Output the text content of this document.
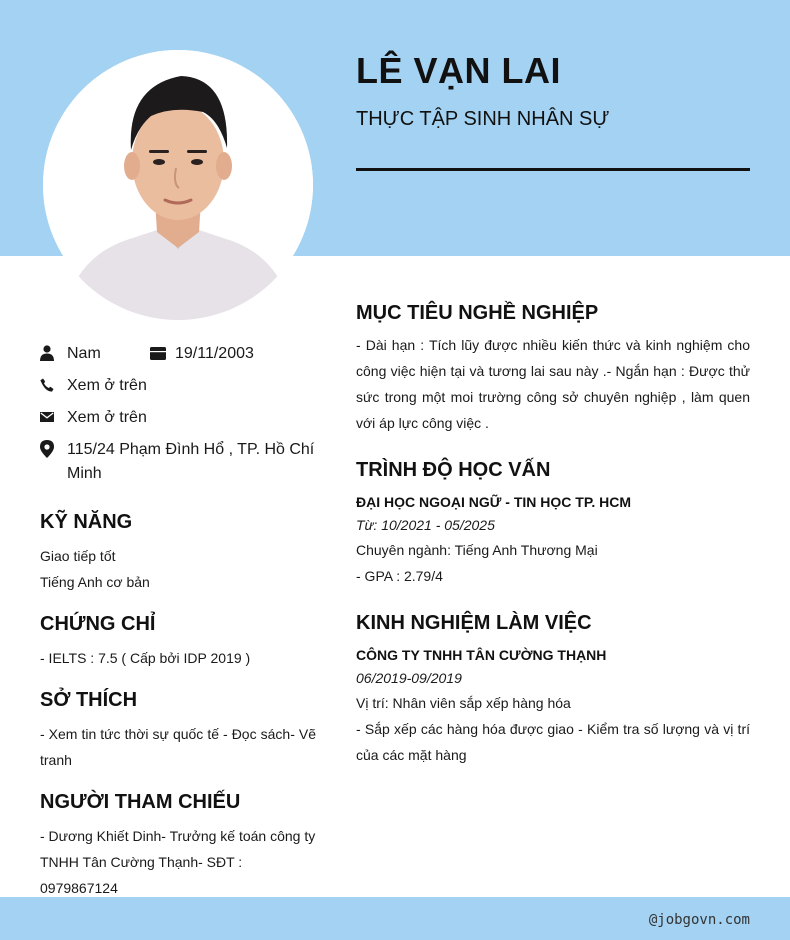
LÊ VẠN LAI
THỰC TẬP SINH NHÂN SỰ
Nam	19/11/2003
Xem ở trên
Xem ở trên
115/24 Phạm Đình Hổ , TP. Hồ Chí Minh
KỸ NĂNG
Giao tiếp tốt
Tiếng Anh cơ bản
CHỨNG CHỈ
- IELTS : 7.5 ( Cấp bởi IDP 2019 )
SỞ THÍCH
- Xem tin tức thời sự quốc tế - Đọc sách- Vẽ tranh
NGƯỜI THAM CHIẾU
- Dương Khiết Dinh- Trưởng kế toán công ty TNHH Tân Cường Thạnh- SĐT : 0979867124
MỤC TIÊU NGHỀ NGHIỆP
- Dài hạn : Tích lũy được nhiều kiến thức và kinh nghiệm cho công việc hiện tại và tương lai sau này .- Ngắn hạn : Được thử sức trong một moi trường công sở chuyên nghiệp , làm quen với áp lực công việc .
TRÌNH ĐỘ HỌC VẤN
ĐẠI HỌC NGOẠI NGỮ - TIN HỌC TP. HCM
Từ: 10/2021 - 05/2025
Chuyên ngành: Tiếng Anh Thương Mại
- GPA : 2.79/4
KINH NGHIỆM LÀM VIỆC
CÔNG TY TNHH TÂN CƯỜNG THẠNH
06/2019-09/2019
Vị trí: Nhân viên sắp xếp hàng hóa
- Sắp xếp các hàng hóa được giao - Kiểm tra số lượng và vị trí của các mặt hàng
@jobgovn.com
